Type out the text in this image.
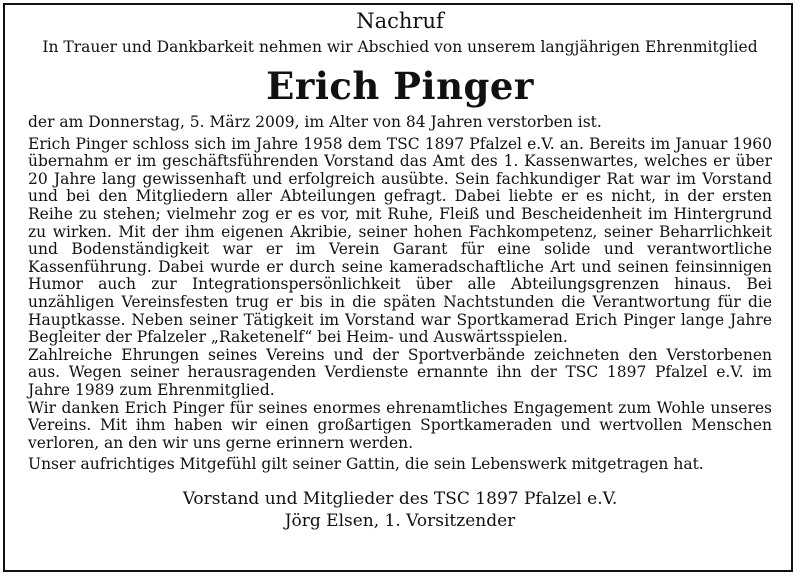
Nachruf

In Trauer und Dankbarkeit nehmen wir Abschied von unserem langjährigen Ehrenmitglied

Erich Pinger

der am Donnerstag, 5. März 2009, im Alter von 84 Jahren verstorben ist.

Erich Pinger schloss sich im Jahre 1958 dem TSC 1897 Pfalzel e.V. an. Bereits im Januar 1960 übernahm er im geschäftsführenden Vorstand das Amt des 1. Kassenwartes, welches er über 20 Jahre lang gewissenhaft und erfolgreich ausübte. Sein fachkundiger Rat war im Vorstand und bei den Mitgliedern aller Abteilungen gefragt. Dabei liebte er es nicht, in der ersten Reihe zu stehen; vielmehr zog er es vor, mit Ruhe, Fleiß und Bescheidenheit im Hintergrund zu wirken. Mit der ihm eigenen Akribie, seiner hohen Fachkompetenz, seiner Beharrlichkeit und Bodenständigkeit war er im Verein Garant für eine solide und verantwortliche Kassenführung. Dabei wurde er durch seine kameradschaftliche Art und seinen feinsinnigen Humor auch zur Integrationspersönlichkeit über alle Abteilungsgrenzen hinaus. Bei unzähligen Vereinsfesten trug er bis in die späten Nachtstunden die Verantwortung für die Hauptkasse. Neben seiner Tätigkeit im Vorstand war Sportkamerad Erich Pinger lange Jahre Begleiter der Pfalzeler „Raketenelf“ bei Heim- und Auswärtsspielen.

Zahlreiche Ehrungen seines Vereins und der Sportverbände zeichneten den Verstorbenen aus. Wegen seiner herausragenden Verdienste ernannte ihn der TSC 1897 Pfalzel e.V. im Jahre 1989 zum Ehrenmitglied.

Wir danken Erich Pinger für seines enormes ehrenamtliches Engagement zum Wohle unseres Vereins. Mit ihm haben wir einen großartigen Sportkameraden und wertvollen Menschen verloren, an den wir uns gerne erinnern werden.

Unser aufrichtiges Mitgefühl gilt seiner Gattin, die sein Lebenswerk mitgetragen hat.

Vorstand und Mitglieder des TSC 1897 Pfalzel e.V.

Jörg Elsen, 1. Vorsitzender
